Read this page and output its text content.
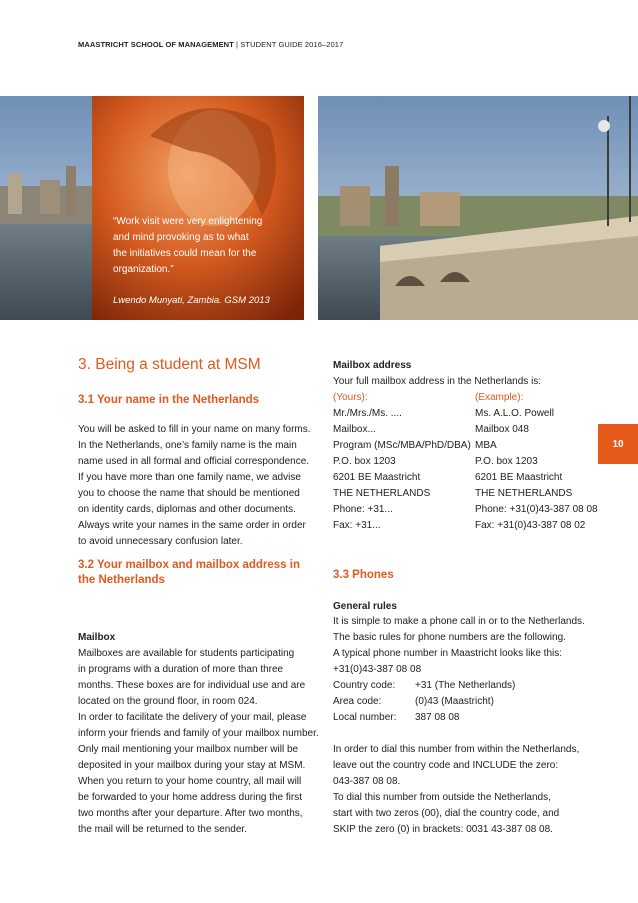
MAASTRICHT SCHOOL OF MANAGEMENT | STUDENT GUIDE 2016–2017
“Work visit were very enlightening
and mind provoking as to what
the initiatives could mean for the
organization.”
Lwendo Munyati, Zambia. GSM 2013
10
3. Being a student at MSM
3.1 Your name in the Netherlands
You will be asked to fill in your name on many forms.
In the Netherlands, one’s family name is the main
name used in all formal and official correspondence.
If you have more than one family name, we advise
you to choose the name that should be mentioned
on identity cards, diplomas and other documents.
Always write your names in the same order in order
to avoid unnecessary confusion later.
3.2 Your mailbox and mailbox address in
the Netherlands
Mailbox
Mailboxes are available for students participating
in programs with a duration of more than three
months. These boxes are for individual use and are
located on the ground floor, in room 024.
In order to facilitate the delivery of your mail, please
inform your friends and family of your mailbox number.
Only mail mentioning your mailbox number will be
deposited in your mailbox during your stay at MSM.
When you return to your home country, all mail will
be forwarded to your home address during the first
two months after your departure. After two months,
the mail will be returned to the sender.
Mailbox address
Your full mailbox address in the Netherlands is:
(Yours):	(Example):
Mr./Mrs./Ms. ....	Ms. A.L.O. Powell
Mailbox...	Mailbox 048
Program (MSc/MBA/PhD/DBA) MBA
P.O. box 1203	P.O. box 1203
6201 BE Maastricht	6201 BE Maastricht
THE NETHERLANDS	THE NETHERLANDS
Phone: +31...	Phone: +31(0)43-387 08 08
Fax: +31...	Fax: +31(0)43-387 08 02
3.3 Phones
General rules
It is simple to make a phone call in or to the Netherlands.
The basic rules for phone numbers are the following.
A typical phone number in Maastricht looks like this:
+31(0)43-387 08 08
Country code:	+31 (The Netherlands)
Area code:	(0)43 (Maastricht)
Local number:	387 08 08
In order to dial this number from within the Netherlands,
leave out the country code and INCLUDE the zero:
043-387 08 08.
To dial this number from outside the Netherlands,
start with two zeros (00), dial the country code, and
SKIP the zero (0) in brackets: 0031 43-387 08 08.
